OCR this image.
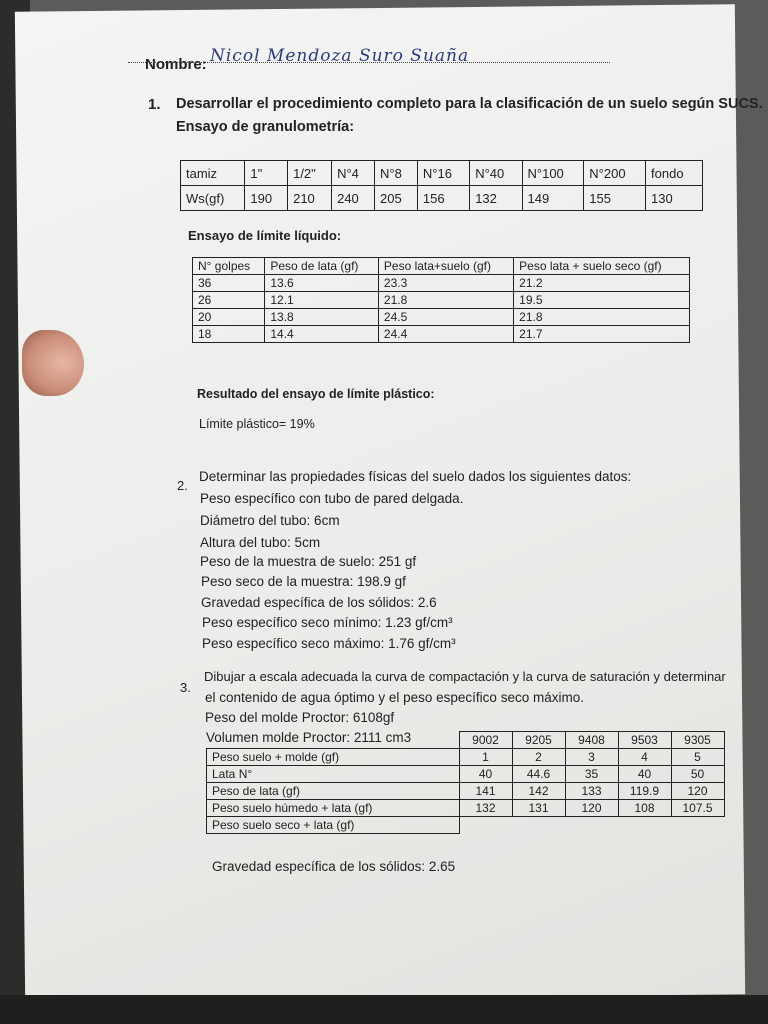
Nombre: Nicol Mendoza Suro Suaña
1. Desarrollar el procedimiento completo para la clasificación de un suelo según SUCS.
Ensayo de granulometría:
tamiz	1"	1/2"	N°4	N°8	N°16	N°40	N°100	N°200	fondo
Ws(gf)	190	210	240	205	156	132	149	155	130
Ensayo de límite líquido:
N° golpes	Peso de lata (gf)	Peso lata+suelo (gf)	Peso lata + suelo seco (gf)
36	13.6	23.3	21.2
26	12.1	21.8	19.5
20	13.8	24.5	21.8
18	14.4	24.4	21.7
Resultado del ensayo de límite plástico:
Límite plástico= 19%
2.
Determinar las propiedades físicas del suelo dados los siguientes datos:
Peso específico con tubo de pared delgada.
Diámetro del tubo: 6cm
Altura del tubo: 5cm
Peso de la muestra de suelo: 251 gf
Peso seco de la muestra: 198.9 gf
Gravedad específica de los sólidos: 2.6
Peso específico seco mínimo: 1.23 gf/cm³
Peso específico seco máximo: 1.76 gf/cm³
3.
Dibujar a escala adecuada la curva de compactación y la curva de saturación y determinar
el contenido de agua óptimo y el peso específico seco máximo.
Peso del molde Proctor: 6108gf
Volumen molde Proctor: 2111 cm3
		9002	9205	9408	9503	9305
Peso suelo + molde (gf)	1	2	3	4	5
Lata N°	40	44.6	35	40	50
Peso de lata (gf)	141	142	133	119.9	120
Peso suelo húmedo + lata (gf)	132	131	120	108	107.5
Peso suelo seco + lata (gf)					
Gravedad específica de los sólidos: 2.65
